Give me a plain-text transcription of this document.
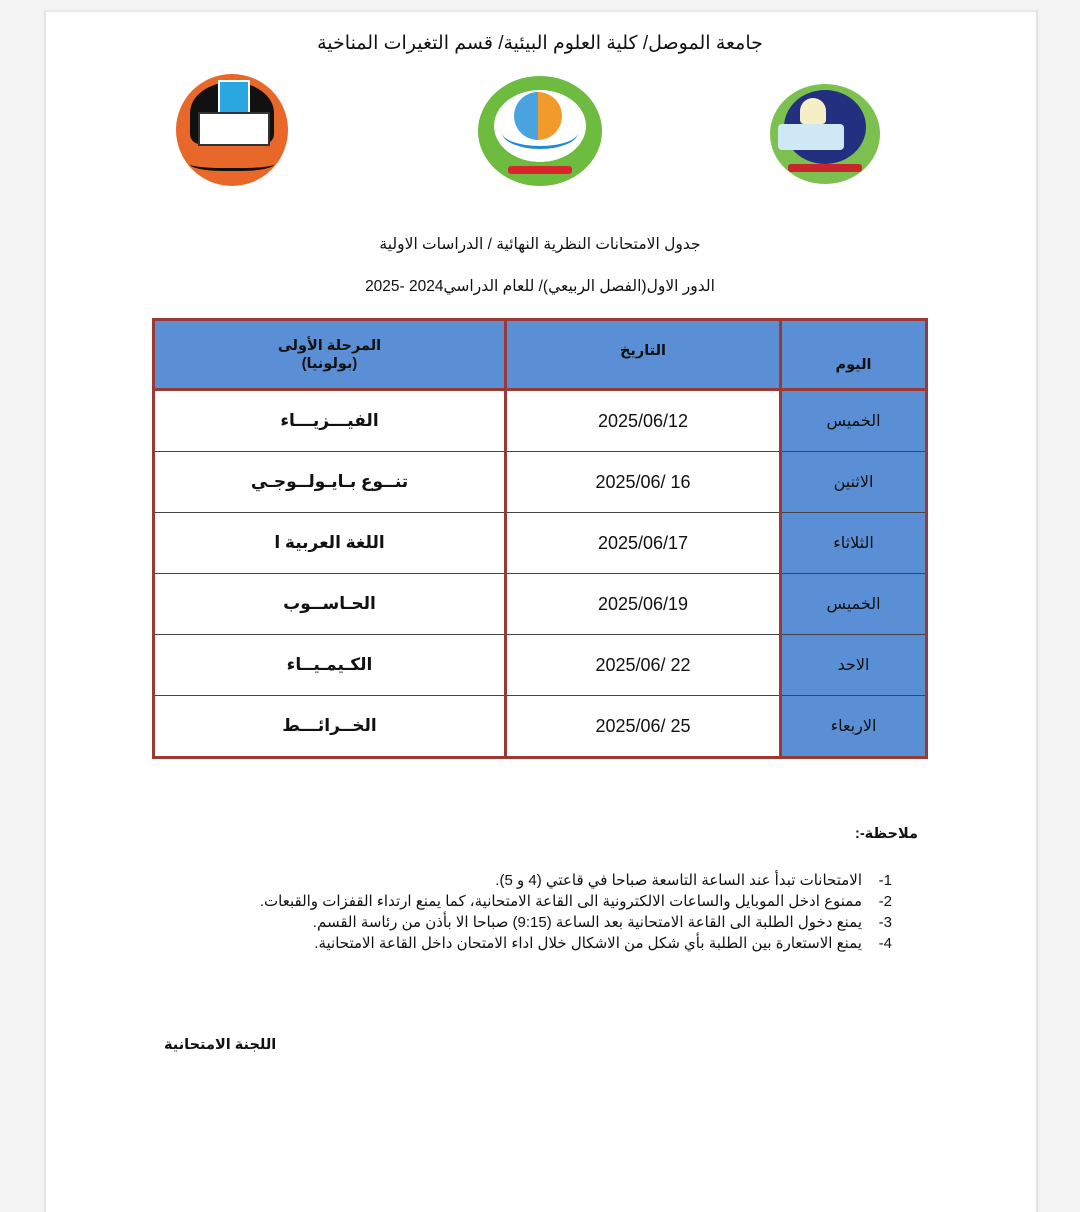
جامعة الموصل/ كلية العلوم البيئية/ قسم التغيرات المناخية
جدول الامتحانات النظرية النهائية / الدراسات الاولية
الدور الاول(الفصل الربيعي)/ للعام الدراسي2024 -2025
اليوم	التاريخ	المرحلة الأولى
(بولونيا)

الخميس	2025/06/12	الفيـــزيـــاء
الاثنين	2025/06/ 16	تنــوع بـايـولــوجـي
الثلاثاء	2025/06/17	اللغة العربية ا
الخميس	2025/06/19	الحـاســوب
الاحد	2025/06/ 22	الكـيمـيــاء
الاربعاء	2025/06/ 25	الخــرائـــط
ملاحظة-:
1-
الامتحانات تبدأ عند الساعة التاسعة صباحا في قاعتي (4 و 5).
2-
ممنوع ادخل الموبايل والساعات الالكترونية الى القاعة الامتحانية، كما يمنع ارتداء القفزات والقبعات.
3-
يمنع دخول الطلبة الى القاعة الامتحانية بعد الساعة (9:15) صباحا الا بأذن من رئاسة القسم.
4-
يمنع الاستعارة بين الطلبة بأي شكل من الاشكال خلال اداء الامتحان داخل القاعة الامتحانية.
اللجنة الامتحانية
